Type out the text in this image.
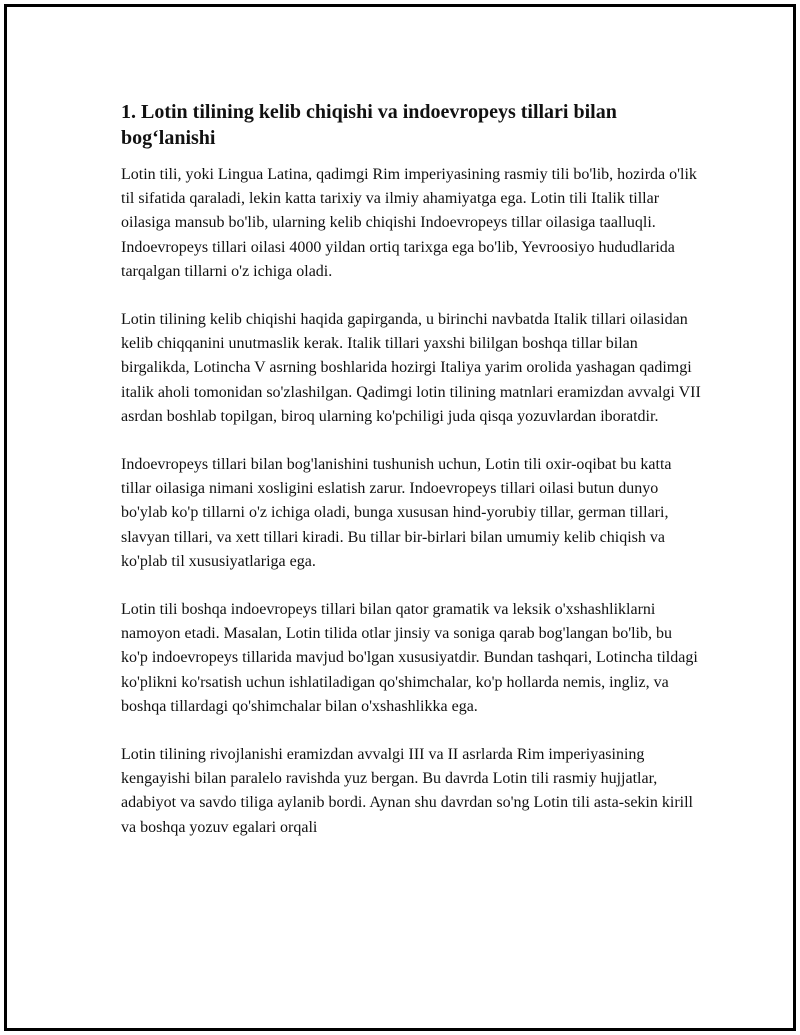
1. Lotin tilining kelib chiqishi va indoevropeys tillari bilan bog‘lanishi

Lotin tili, yoki Lingua Latina, qadimgi Rim imperiyasining rasmiy tili bo'lib, hozirda o'lik til sifatida qaraladi, lekin katta tarixiy va ilmiy ahamiyatga ega. Lotin tili Italik tillar oilasiga mansub bo'lib, ularning kelib chiqishi Indoevropeys tillar oilasiga taalluqli. Indoevropeys tillari oilasi 4000 yildan ortiq tarixga ega bo'lib, Yevroosiyo hududlarida tarqalgan tillarni o'z ichiga oladi.

Lotin tilining kelib chiqishi haqida gapirganda, u birinchi navbatda Italik tillari oilasidan kelib chiqqanini unutmaslik kerak. Italik tillari yaxshi bililgan boshqa tillar bilan birgalikda, Lotincha V asrning boshlarida hozirgi Italiya yarim orolida yashagan qadimgi italik aholi tomonidan so'zlashilgan. Qadimgi lotin tilining matnlari eramizdan avvalgi VII asrdan boshlab topilgan, biroq ularning ko'pchiligi juda qisqa yozuvlardan iboratdir.

Indoevropeys tillari bilan bog'lanishini tushunish uchun, Lotin tili oxir-oqibat bu katta tillar oilasiga nimani xosligini eslatish zarur. Indoevropeys tillari oilasi butun dunyo bo'ylab ko'p tillarni o'z ichiga oladi, bunga xususan hind-yorubiy tillar, german tillari, slavyan tillari, va xett tillari kiradi. Bu tillar bir-birlari bilan umumiy kelib chiqish va ko'plab til xususiyatlariga ega.

Lotin tili boshqa indoevropeys tillari bilan qator gramatik va leksik o'xshashliklarni namoyon etadi. Masalan, Lotin tilida otlar jinsiy va soniga qarab bog'langan bo'lib, bu ko'p indoevropeys tillarida mavjud bo'lgan xususiyatdir. Bundan tashqari, Lotincha tildagi ko'plikni ko'rsatish uchun ishlatiladigan qo'shimchalar, ko'p hollarda nemis, ingliz, va boshqa tillardagi qo'shimchalar bilan o'xshashlikka ega.

Lotin tilining rivojlanishi eramizdan avvalgi III va II asrlarda Rim imperiyasining kengayishi bilan paralelo ravishda yuz bergan. Bu davrda Lotin tili rasmiy hujjatlar, adabiyot va savdo tiliga aylanib bordi. Aynan shu davrdan so'ng Lotin tili asta-sekin kirill va boshqa yozuv egalari orqali
